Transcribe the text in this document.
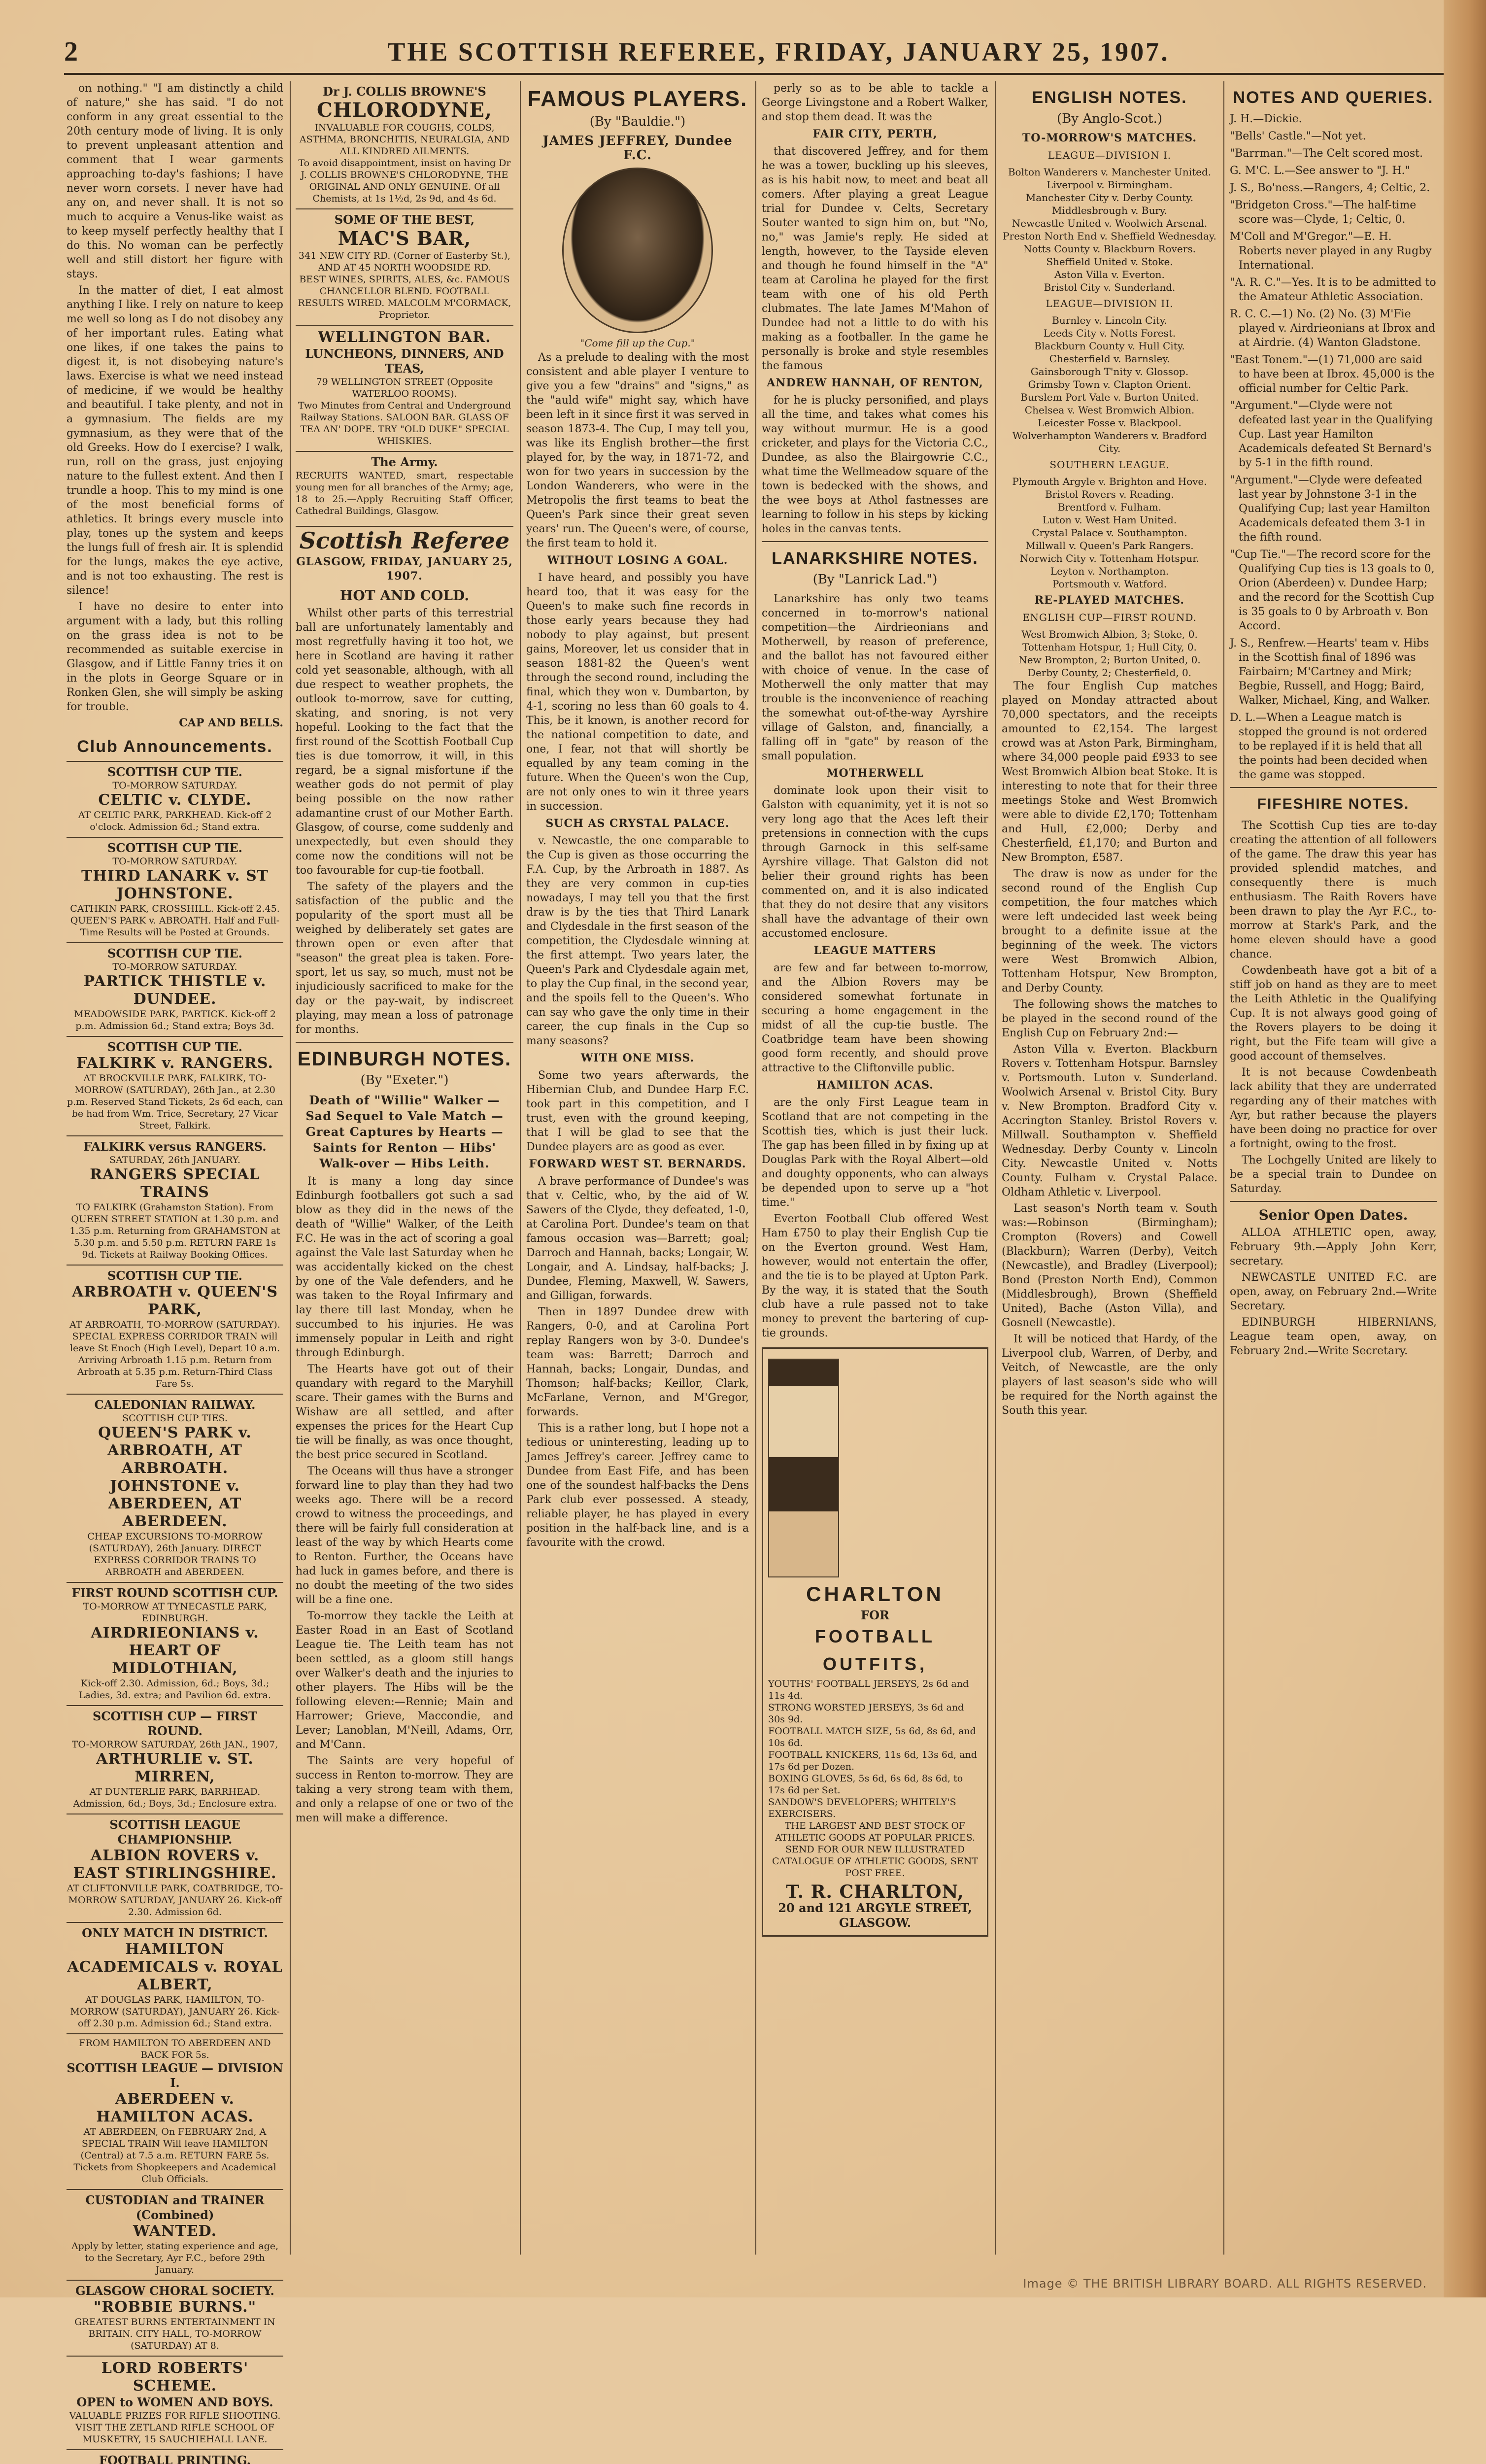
2	THE SCOTTISH REFEREE, FRIDAY, JANUARY 25, 1907.

on nothing." "I am distinctly a child of nature," she has said. "I do not conform in any great essential to the 20th century mode of living. It is only to prevent unpleasant attention and comment that I wear garments approaching to-day's fashions; I have never worn corsets. I never have had any on, and never shall. It is not so much to acquire a Venus-like waist as to keep myself perfectly healthy that I do this. No woman can be perfectly well and still distort her figure with stays.

In the matter of diet, I eat almost anything I like. I rely on nature to keep me well so long as I do not disobey any of her important rules. Eating what one likes, if one takes the pains to digest it, is not disobeying nature's laws. Exercise is what we need instead of medicine, if we would be healthy and beautiful. I take plenty, and not in a gymnasium. The fields are my gymnasium, as they were that of the old Greeks. How do I exercise? I walk, run, roll on the grass, just enjoying nature to the fullest extent. And then I trundle a hoop. This to my mind is one of the most beneficial forms of athletics. It brings every muscle into play, tones up the system and keeps the lungs full of fresh air. It is splendid for the lungs, makes the eye active, and is not too exhausting. The rest is silence!

I have no desire to enter into argument with a lady, but this rolling on the grass idea is not to be recommended as suitable exercise in Glasgow, and if Little Fanny tries it on in the plots in George Square or in Ronken Glen, she will simply be asking for trouble.

CAP AND BELLS.

Club Announcements.
SCOTTISH CUP TIE.
TO-MORROW SATURDAY.
CELTIC v. CLYDE.
AT CELTIC PARK, PARKHEAD. Kick-off 2 o'clock. Admission 6d.; Stand extra.
SCOTTISH CUP TIE.
TO-MORROW SATURDAY.
THIRD LANARK v. ST JOHNSTONE.
CATHKIN PARK, CROSSHILL. Kick-off 2.45. QUEEN'S PARK v. ABROATH. Half and Full-Time Results will be Posted at Grounds.
SCOTTISH CUP TIE.
TO-MORROW SATURDAY.
PARTICK THISTLE v. DUNDEE.
MEADOWSIDE PARK, PARTICK. Kick-off 2 p.m. Admission 6d.; Stand extra; Boys 3d.
SCOTTISH CUP TIE.
FALKIRK v. RANGERS.
AT BROCKVILLE PARK, FALKIRK, TO-MORROW (SATURDAY), 26th Jan., at 2.30 p.m. Reserved Stand Tickets, 2s 6d each, can be had from Wm. Trice, Secretary, 27 Vicar Street, Falkirk.
FALKIRK versus RANGERS.
SATURDAY, 26th JANUARY.
RANGERS SPECIAL TRAINS
TO FALKIRK (Grahamston Station). From QUEEN STREET STATION at 1.30 p.m. and 1.35 p.m. Returning from GRAHAMSTON at 5.30 p.m. and 5.50 p.m. RETURN FARE 1s 9d. Tickets at Railway Booking Offices.
SCOTTISH CUP TIE.
ARBROATH v. QUEEN'S PARK,
AT ARBROATH, TO-MORROW (SATURDAY). SPECIAL EXPRESS CORRIDOR TRAIN will leave St Enoch (High Level), Depart 10 a.m. Arriving Arbroath 1.15 p.m. Return from Arbroath at 5.35 p.m. Return-Third Class Fare 5s.
CALEDONIAN RAILWAY.
SCOTTISH CUP TIES.
QUEEN'S PARK v. ARBROATH, AT ARBROATH. JOHNSTONE v. ABERDEEN, AT ABERDEEN.
CHEAP EXCURSIONS TO-MORROW (SATURDAY), 26th January. DIRECT EXPRESS CORRIDOR TRAINS TO ARBROATH and ABERDEEN.
FIRST ROUND SCOTTISH CUP.
TO-MORROW AT TYNECASTLE PARK, EDINBURGH.
AIRDRIEONIANS v. HEART OF MIDLOTHIAN,
Kick-off 2.30. Admission, 6d.; Boys, 3d.; Ladies, 3d. extra; and Pavilion 6d. extra.
SCOTTISH CUP — FIRST ROUND.
TO-MORROW SATURDAY, 26th JAN., 1907,
ARTHURLIE v. ST. MIRREN,
AT DUNTERLIE PARK, BARRHEAD. Admission, 6d.; Boys, 3d.; Enclosure extra.
SCOTTISH LEAGUE CHAMPIONSHIP.
ALBION ROVERS v. EAST STIRLINGSHIRE.
AT CLIFTONVILLE PARK, COATBRIDGE, TO-MORROW SATURDAY, JANUARY 26. Kick-off 2.30. Admission 6d.
ONLY MATCH IN DISTRICT.
HAMILTON ACADEMICALS v. ROYAL ALBERT,
AT DOUGLAS PARK, HAMILTON, TO-MORROW (SATURDAY), JANUARY 26. Kick-off 2.30 p.m. Admission 6d.; Stand extra.
FROM HAMILTON TO ABERDEEN AND BACK FOR 5s.
SCOTTISH LEAGUE — DIVISION I.
ABERDEEN v. HAMILTON ACAS.
AT ABERDEEN, On FEBRUARY 2nd, A SPECIAL TRAIN Will leave HAMILTON (Central) at 7.5 a.m. RETURN FARE 5s. Tickets from Shopkeepers and Academical Club Officials.
CUSTODIAN and TRAINER (Combined)
WANTED.
Apply by letter, stating experience and age, to the Secretary, Ayr F.C., before 29th January.
GLASGOW CHORAL SOCIETY.
"ROBBIE BURNS."
GREATEST BURNS ENTERTAINMENT IN BRITAIN. CITY HALL, TO-MORROW (SATURDAY) AT 8.
LORD ROBERTS' SCHEME.
OPEN to WOMEN AND BOYS.
VALUABLE PRIZES FOR RIFLE SHOOTING. VISIT THE ZETLAND RIFLE SCHOOL OF MUSKETRY, 15 SAUCHIEHALL LANE.
FOOTBALL PRINTING.
Dr J. COLLIS BROWNE'S
CHLORODYNE,
INVALUABLE FOR COUGHS, COLDS, ASTHMA, BRONCHITIS, NEURALGIA, AND ALL KINDRED AILMENTS.
To avoid disappointment, insist on having Dr J. COLLIS BROWNE'S CHLORODYNE, THE ORIGINAL AND ONLY GENUINE. Of all Chemists, at 1s 1½d, 2s 9d, and 4s 6d.
SOME OF THE BEST,
MAC'S BAR,
341 NEW CITY RD. (Corner of Easterby St.), AND AT 45 NORTH WOODSIDE RD.
BEST WINES, SPIRITS, ALES, &c. FAMOUS CHANCELLOR BLEND. FOOTBALL RESULTS WIRED. MALCOLM M'CORMACK, Proprietor.
WELLINGTON BAR.
LUNCHEONS, DINNERS, AND TEAS,
79 WELLINGTON STREET (Opposite WATERLOO ROOMS).
Two Minutes from Central and Underground Railway Stations. SALOON BAR. GLASS OF TEA AN' DOPE. TRY "OLD DUKE" SPECIAL WHISKIES.
The Army.
RECRUITS WANTED, smart, respectable young men for all branches of the Army; age, 18 to 25.—Apply Recruiting Staff Officer, Cathedral Buildings, Glasgow.
Scottish Referee
GLASGOW, FRIDAY, JANUARY 25, 1907.
HOT AND COLD.

Whilst other parts of this terrestrial ball are unfortunately lamentably and most regretfully having it too hot, we here in Scotland are having it rather cold yet seasonable, although, with all due respect to weather prophets, the outlook to-morrow, save for cutting, skating, and snoring, is not very hopeful. Looking to the fact that the first round of the Scottish Football Cup ties is due tomorrow, it will, in this regard, be a signal misfortune if the weather gods do not permit of play being possible on the now rather adamantine crust of our Mother Earth. Glasgow, of course, come suddenly and unexpectedly, but even should they come now the conditions will not be too favourable for cup-tie football.

The safety of the players and the satisfaction of the public and the popularity of the sport must all be weighed by deliberately set gates are thrown open or even after that "season" the great plea is taken. Fore-sport, let us say, so much, must not be injudiciously sacrificed to make for the day or the pay-wait, by indiscreet playing, may mean a loss of patronage for months.

EDINBURGH NOTES.
(By "Exeter.")
Death of "Willie" Walker — Sad Sequel to Vale Match — Great Captures by Hearts — Saints for Renton — Hibs' Walk-over — Hibs Leith.

It is many a long day since Edinburgh footballers got such a sad blow as they did in the news of the death of "Willie" Walker, of the Leith F.C. He was in the act of scoring a goal against the Vale last Saturday when he was accidentally kicked on the chest by one of the Vale defenders, and he was taken to the Royal Infirmary and lay there till last Monday, when he succumbed to his injuries. He was immensely popular in Leith and right through Edinburgh.

The Hearts have got out of their quandary with regard to the Maryhill scare. Their games with the Burns and Wishaw are all settled, and after expenses the prices for the Heart Cup tie will be finally, as was once thought, the best price secured in Scotland.

The Oceans will thus have a stronger forward line to play than they had two weeks ago. There will be a record crowd to witness the proceedings, and there will be fairly full consideration at least of the way by which Hearts come to Renton. Further, the Oceans have had luck in games before, and there is no doubt the meeting of the two sides will be a fine one.

To-morrow they tackle the Leith at Easter Road in an East of Scotland League tie. The Leith team has not been settled, as a gloom still hangs over Walker's death and the injuries to other players. The Hibs will be the following eleven:—Rennie; Main and Harrower; Grieve, Maccondie, and Lever; Lanoblan, M'Neill, Adams, Orr, and M'Cann.

The Saints are very hopeful of success in Renton to-morrow. They are taking a very strong team with them, and only a relapse of one or two of the men will make a difference.

FAMOUS PLAYERS.
(By "Bauldie.")
JAMES JEFFREY, Dundee F.C.
"Come fill up the Cup."

As a prelude to dealing with the most consistent and able player I venture to give you a few "drains" and "signs," as the "auld wife" might say, which have been left in it since first it was served in season 1873-4. The Cup, I may tell you, was like its English brother—the first played for, by the way, in 1871-72, and won for two years in succession by the London Wanderers, who were in the Metropolis the first teams to beat the Queen's Park since their great seven years' run. The Queen's were, of course, the first team to hold it.

WITHOUT LOSING A GOAL.

I have heard, and possibly you have heard too, that it was easy for the Queen's to make such fine records in those early years because they had nobody to play against, but present gains, Moreover, let us consider that in season 1881-82 the Queen's went through the second round, including the final, which they won v. Dumbarton, by 4-1, scoring no less than 60 goals to 4. This, be it known, is another record for the national competition to date, and one, I fear, not that will shortly be equalled by any team coming in the future. When the Queen's won the Cup, are not only ones to win it three years in succession.

SUCH AS CRYSTAL PALACE.

v. Newcastle, the one comparable to the Cup is given as those occurring the F.A. Cup, by the Arbroath in 1887. As they are very common in cup-ties nowadays, I may tell you that the first draw is by the ties that Third Lanark and Clydesdale in the first season of the competition, the Clydesdale winning at the first attempt. Two years later, the Queen's Park and Clydesdale again met, to play the Cup final, in the second year, and the spoils fell to the Queen's. Who can say who gave the only time in their career, the cup finals in the Cup so many seasons?

WITH ONE MISS.

Some two years afterwards, the Hibernian Club, and Dundee Harp F.C. took part in this competition, and I trust, even with the ground keeping, that I will be glad to see that the Dundee players are as good as ever.

FORWARD WEST ST. BERNARDS.

A brave performance of Dundee's was that v. Celtic, who, by the aid of W. Sawers of the Clyde, they defeated, 1-0, at Carolina Port. Dundee's team on that famous occasion was—Barrett; goal; Darroch and Hannah, backs; Longair, W. Longair, and A. Lindsay, half-backs; J. Dundee, Fleming, Maxwell, W. Sawers, and Gilligan, forwards.

Then in 1897 Dundee drew with Rangers, 0-0, and at Carolina Port replay Rangers won by 3-0. Dundee's team was: Barrett; Darroch and Hannah, backs; Longair, Dundas, and Thomson; half-backs; Keillor, Clark, McFarlane, Vernon, and M'Gregor, forwards.

This is a rather long, but I hope not a tedious or uninteresting, leading up to James Jeffrey's career. Jeffrey came to Dundee from East Fife, and has been one of the soundest half-backs the Dens Park club ever possessed. A steady, reliable player, he has played in every position in the half-back line, and is a favourite with the crowd.

perly so as to be able to tackle a George Livingstone and a Robert Walker, and stop them dead. It was the

FAIR CITY, PERTH,

that discovered Jeffrey, and for them he was a tower, buckling up his sleeves, as is his habit now, to meet and beat all comers. After playing a great League trial for Dundee v. Celts, Secretary Souter wanted to sign him on, but "No, no," was Jamie's reply. He sided at length, however, to the Tayside eleven and though he found himself in the "A" team at Carolina he played for the first team with one of his old Perth clubmates. The late James M'Mahon of Dundee had not a little to do with his making as a footballer. In the game he personally is broke and style resembles the famous

ANDREW HANNAH, OF RENTON,

for he is plucky personified, and plays all the time, and takes what comes his way without murmur. He is a good cricketer, and plays for the Victoria C.C., Dundee, as also the Blairgowrie C.C., what time the Wellmeadow square of the town is bedecked with the shows, and the wee boys at Athol fastnesses are learning to follow in his steps by kicking holes in the canvas tents.

LANARKSHIRE NOTES.
(By "Lanrick Lad.")

Lanarkshire has only two teams concerned in to-morrow's national competition—the Airdrieonians and Motherwell, by reason of preference, and the ballot has not favoured either with choice of venue. In the case of Motherwell the only matter that may trouble is the inconvenience of reaching the somewhat out-of-the-way Ayrshire village of Galston, and, financially, a falling off in "gate" by reason of the small population.

MOTHERWELL

dominate look upon their visit to Galston with equanimity, yet it is not so very long ago that the Aces left their pretensions in connection with the cups through Garnock in this self-same Ayrshire village. That Galston did not belier their ground rights has been commented on, and it is also indicated that they do not desire that any visitors shall have the advantage of their own accustomed enclosure.

LEAGUE MATTERS

are few and far between to-morrow, and the Albion Rovers may be considered somewhat fortunate in securing a home engagement in the midst of all the cup-tie bustle. The Coatbridge team have been showing good form recently, and should prove attractive to the Cliftonville public.

HAMILTON ACAS.

are the only First League team in Scotland that are not competing in the Scottish ties, which is just their luck. The gap has been filled in by fixing up at Douglas Park with the Royal Albert—old and doughty opponents, who can always be depended upon to serve up a "hot time."

Everton Football Club offered West Ham £750 to play their English Cup tie on the Everton ground. West Ham, however, would not entertain the offer, and the tie is to be played at Upton Park. By the way, it is stated that the South club have a rule passed not to take money to prevent the bartering of cup-tie grounds.

CHARLTON
FOR
FOOTBALL OUTFITS,
YOUTHS' FOOTBALL JERSEYS, 2s 6d and 11s 4d.
STRONG WORSTED JERSEYS, 3s 6d and 30s 9d.
FOOTBALL MATCH SIZE, 5s 6d, 8s 6d, and 10s 6d.
FOOTBALL KNICKERS, 11s 6d, 13s 6d, and 17s 6d per Dozen.
BOXING GLOVES, 5s 6d, 6s 6d, 8s 6d, to 17s 6d per Set.
SANDOW'S DEVELOPERS; WHITELY'S EXERCISERS.
THE LARGEST AND BEST STOCK OF ATHLETIC GOODS AT POPULAR PRICES.
SEND FOR OUR NEW ILLUSTRATED CATALOGUE OF ATHLETIC GOODS, SENT POST FREE.
T. R. CHARLTON,
20 and 121 ARGYLE STREET, GLASGOW.
ENGLISH NOTES.
(By Anglo-Scot.)
TO-MORROW'S MATCHES.
LEAGUE—DIVISION I.
Bolton Wanderers v. Manchester United.
Liverpool v. Birmingham.
Manchester City v. Derby County.
Middlesbrough v. Bury.
Newcastle United v. Woolwich Arsenal.
Preston North End v. Sheffield Wednesday.
Notts County v. Blackburn Rovers.
Sheffield United v. Stoke.
Aston Villa v. Everton.
Bristol City v. Sunderland.
LEAGUE—DIVISION II.
Burnley v. Lincoln City.
Leeds City v. Notts Forest.
Blackburn County v. Hull City.
Chesterfield v. Barnsley.
Gainsborough T'nity v. Glossop.
Grimsby Town v. Clapton Orient.
Burslem Port Vale v. Burton United.
Chelsea v. West Bromwich Albion.
Leicester Fosse v. Blackpool.
Wolverhampton Wanderers v. Bradford City.
SOUTHERN LEAGUE.
Plymouth Argyle v. Brighton and Hove.
Bristol Rovers v. Reading.
Brentford v. Fulham.
Luton v. West Ham United.
Crystal Palace v. Southampton.
Millwall v. Queen's Park Rangers.
Norwich City v. Tottenham Hotspur.
Leyton v. Northampton.
Portsmouth v. Watford.
RE-PLAYED MATCHES.
ENGLISH CUP—FIRST ROUND.
West Bromwich Albion, 3; Stoke, 0.
Tottenham Hotspur, 1; Hull City, 0.
New Brompton, 2; Burton United, 0.
Derby County, 2; Chesterfield, 0.

The four English Cup matches played on Monday attracted about 70,000 spectators, and the receipts amounted to £2,154. The largest crowd was at Aston Park, Birmingham, where 34,000 people paid £933 to see West Bromwich Albion beat Stoke. It is interesting to note that for their three meetings Stoke and West Bromwich were able to divide £2,170; Tottenham and Hull, £2,000; Derby and Chesterfield, £1,170; and Burton and New Brompton, £587.

The draw is now as under for the second round of the English Cup competition, the four matches which were left undecided last week being brought to a definite issue at the beginning of the week. The victors were West Bromwich Albion, Tottenham Hotspur, New Brompton, and Derby County.

The following shows the matches to be played in the second round of the English Cup on February 2nd:—

Aston Villa v. Everton. Blackburn Rovers v. Tottenham Hotspur. Barnsley v. Portsmouth. Luton v. Sunderland. Woolwich Arsenal v. Bristol City. Bury v. New Brompton. Bradford City v. Accrington Stanley. Bristol Rovers v. Millwall. Southampton v. Sheffield Wednesday. Derby County v. Lincoln City. Newcastle United v. Notts County. Fulham v. Crystal Palace. Oldham Athletic v. Liverpool.

Last season's North team v. South was:—Robinson (Birmingham); Crompton (Rovers) and Cowell (Blackburn); Warren (Derby), Veitch (Newcastle), and Bradley (Liverpool); Bond (Preston North End), Common (Middlesbrough), Brown (Sheffield United), Bache (Aston Villa), and Gosnell (Newcastle).

It will be noticed that Hardy, of the Liverpool club, Warren, of Derby, and Veitch, of Newcastle, are the only players of last season's side who will be required for the North against the South this year.

NOTES AND QUERIES.
J. H.—Dickie.
"Bells' Castle."—Not yet.
"Barrman."—The Celt scored most.
G. M'C. L.—See answer to "J. H."
J. S., Bo'ness.—Rangers, 4; Celtic, 2.
"Bridgeton Cross."—The half-time score was—Clyde, 1; Celtic, 0.
M'Coll and M'Gregor."—E. H. Roberts never played in any Rugby International.
"A. R. C."—Yes. It is to be admitted to the Amateur Athletic Association.
R. C. C.—1) No. (2) No. (3) M'Fie played v. Airdrieonians at Ibrox and at Airdrie. (4) Wanton Gladstone.
"East Tonem."—(1) 71,000 are said to have been at Ibrox. 45,000 is the official number for Celtic Park.
"Argument."—Clyde were not defeated last year in the Qualifying Cup. Last year Hamilton Academicals defeated St Bernard's by 5-1 in the fifth round.
"Argument."—Clyde were defeated last year by Johnstone 3-1 in the Qualifying Cup; last year Hamilton Academicals defeated them 3-1 in the fifth round.
"Cup Tie."—The record score for the Qualifying Cup ties is 13 goals to 0, Orion (Aberdeen) v. Dundee Harp; and the record for the Scottish Cup is 35 goals to 0 by Arbroath v. Bon Accord.
J. S., Renfrew.—Hearts' team v. Hibs in the Scottish final of 1896 was Fairbairn; M'Cartney and Mirk; Begbie, Russell, and Hogg; Baird, Walker, Michael, King, and Walker.
D. L.—When a League match is stopped the ground is not ordered to be replayed if it is held that all the points had been decided when the game was stopped.
FIFESHIRE NOTES.

The Scottish Cup ties are to-day creating the attention of all followers of the game. The draw this year has provided splendid matches, and consequently there is much enthusiasm. The Raith Rovers have been drawn to play the Ayr F.C., to-morrow at Stark's Park, and the home eleven should have a good chance.

Cowdenbeath have got a bit of a stiff job on hand as they are to meet the Leith Athletic in the Qualifying Cup. It is not always good going of the Rovers players to be doing it right, but the Fife team will give a good account of themselves.

It is not because Cowdenbeath lack ability that they are underrated regarding any of their matches with Ayr, but rather because the players have been doing no practice for over a fortnight, owing to the frost.

The Lochgelly United are likely to be a special train to Dundee on Saturday.

Senior Open Dates.

ALLOA ATHLETIC open, away, February 9th.—Apply John Kerr, secretary.

NEWCASTLE UNITED F.C. are open, away, on February 2nd.—Write Secretary.

EDINBURGH HIBERNIANS, League team open, away, on February 2nd.—Write Secretary.

Image © THE BRITISH LIBRARY BOARD. ALL RIGHTS RESERVED.
